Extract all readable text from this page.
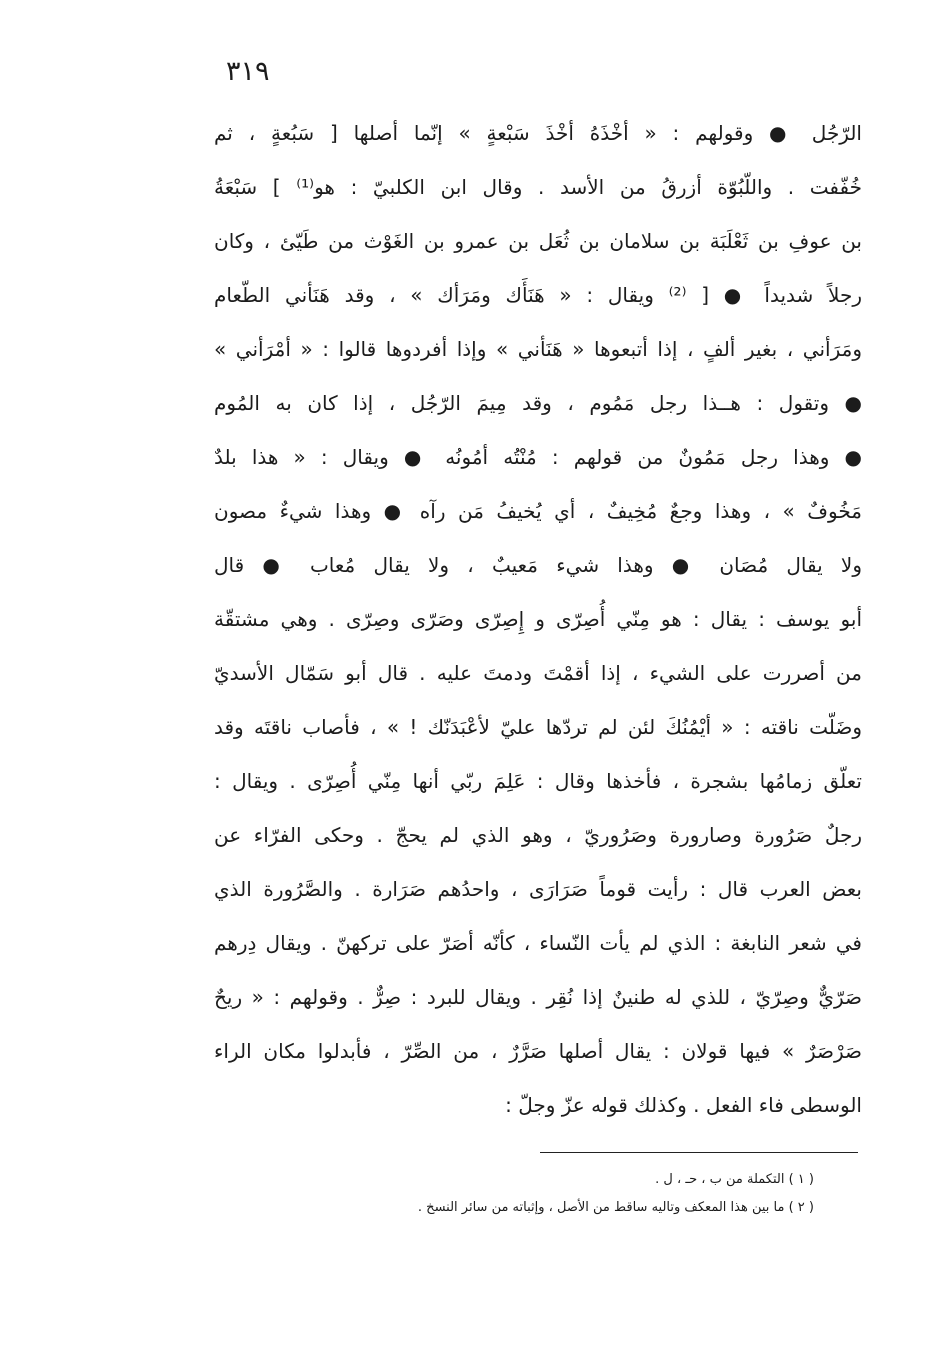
٣١٩
الرّجُل ● وقولهم : « أخْذَهُ أخْذَ سَبْعةٍ » إنّما أصلها [ سَبُعةٍ ، ثم
خُفّفت . واللّبُوّة أزرقُ من الأسد . وقال ابن الكلبيّ : هو⁽¹⁾ ] سَبْعَةُ
بن عوفِ بن ثَعْلَبَة بن سلامان بن ثُعَل بن عمرو بن الغَوْث من طَيّئ ، وكان
رجلاً شديداً ● [ ⁽²⁾ ويقال : « هَنَأَك ومَرَأك » ، وقد هَنَأني الطّعام
ومَرَأني ، بغير ألفٍ ، إذا أتبعوها « هَنَأني » وإذا أفردوها قالوا : « أمْرَأني »
● وتقول : هــذا رجل مَمُوم ، وقد مِيمَ الرّجُل ، إذا كان به المُوم
● وهذا رجل مَمُونٌ من قولهم : مُنْتُه أمُونُه ● ويقال : « هذا بلدٌ
مَخُوفٌ » ، وهذا وجعٌ مُخِيفٌ ، أي يُخيفُ مَن رآه ● وهذا شيءٌ مصون
ولا يقال مُصَان ● وهذا شيء مَعيبٌ ، ولا يقال مُعاب ● قال
أبو يوسف : يقال : هو مِنّي أُصِرّى و إِصِرّى وصَرّى وصِرّى . وهي مشتقّة
من أصررت على الشيء ، إذا أقمْتَ ودمتَ عليه . قال أبو سَمّال الأسديّ
وضَلّت ناقته : « أيْمُنُكَ لئن لم تردّها عليّ لأعْبَدَنّك ! » ، فأصاب ناقتَه وقد
تعلّق زمامُها بشجرة ، فأخذها وقال : عَلِمَ ربّي أنها مِنّي أُصِرّى . ويقال :
رجلٌ صَرُورة وصارورة وصَرُوريّ ، وهو الذي لم يحجّ . وحكى الفرّاء عن
بعض العرب قال : رأيت قوماً صَرَارَى ، واحدُهم صَرَارة . والصَّرُورة الذي
في شعر النابغة : الذي لم يأت النّساء ، كأنّه أصَرّ على تركهنّ . ويقال دِرهم
صَرّيٌّ وصِرّيّ ، للذي له طنينٌ إذا نُقِر . ويقال للبرد : صِرٌّ . وقولهم : « ريحٌ
صَرْصَرٌ » فيها قولان : يقال أصلها صَرَّرٌ ، من الصِّرّ ، فأبدلوا مكان الراء
الوسطى فاء الفعل . وكذلك قوله عزّ وجلّ :
( ١ ) التكملة من ب ، حـ ، ل .
( ٢ ) ما بين هذا المعكف وتاليه ساقط من الأصل ، وإثباته من سائر النسخ .
